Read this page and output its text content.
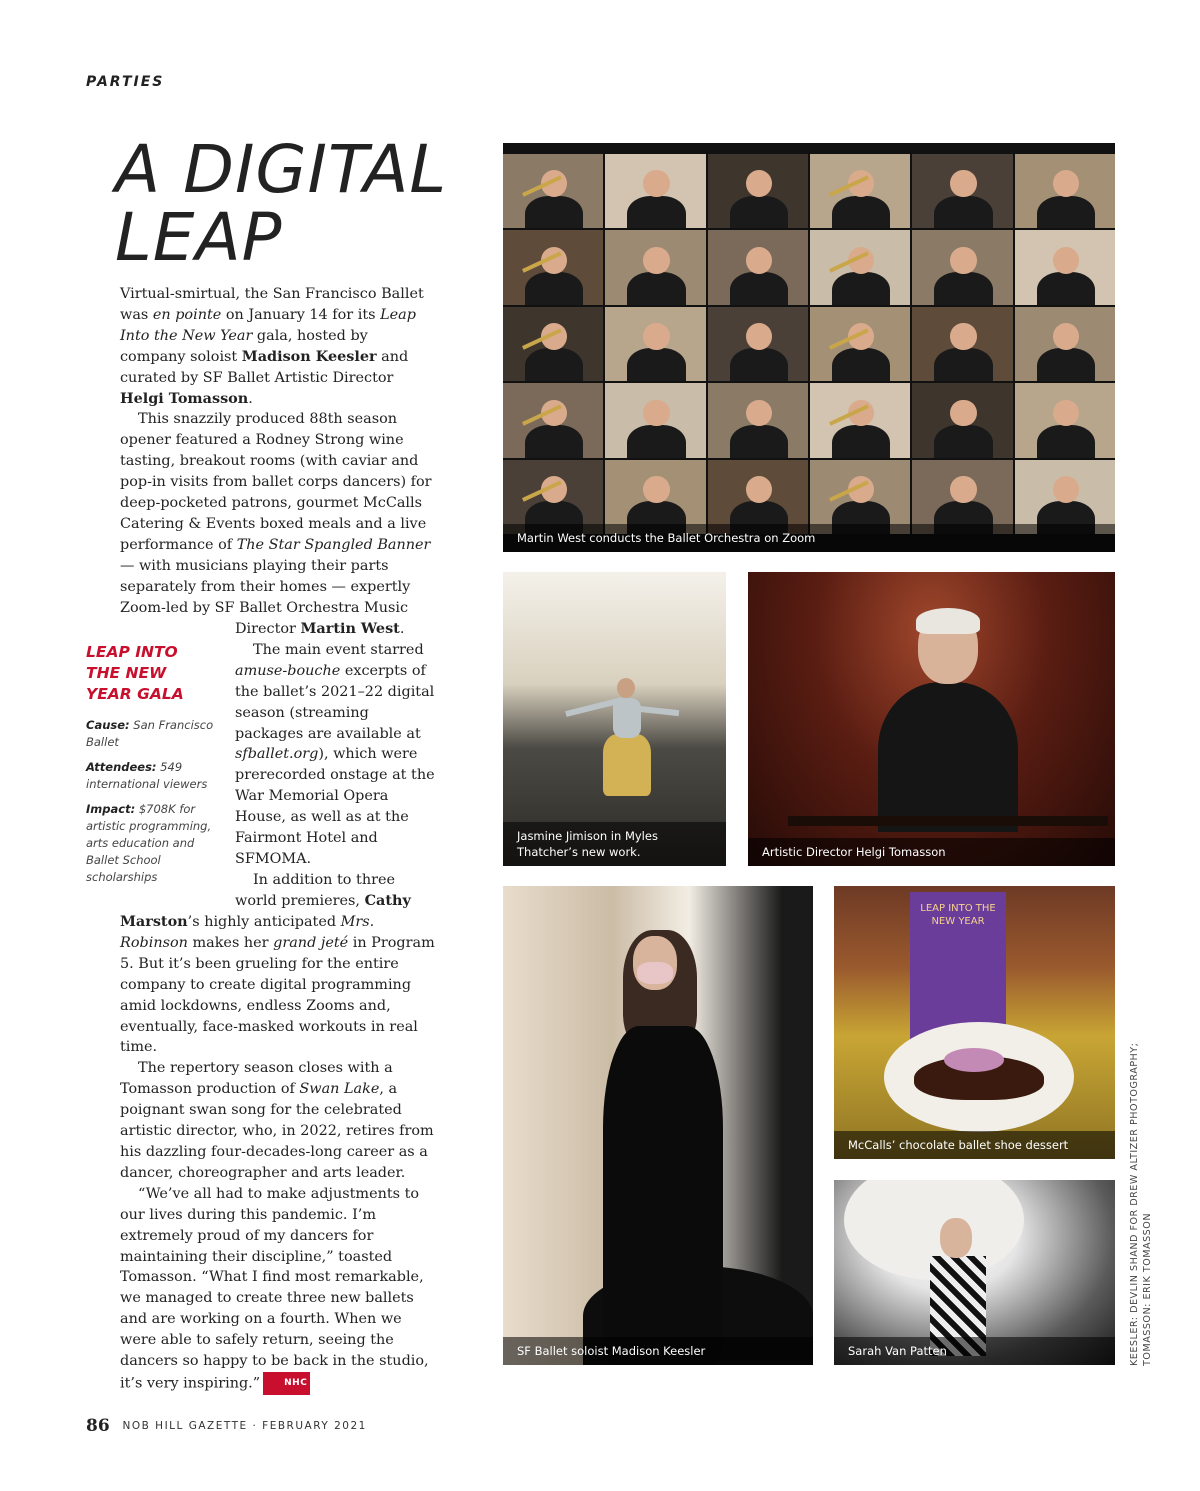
PARTIES
A DIGITAL
LEAP

Virtual-smirtual, the San Francisco Ballet was en pointe on January 14 for its Leap Into the New Year gala, hosted by company soloist Madison Keesler and curated by SF Ballet Artistic Director Helgi Tomasson.

This snazzily produced 88th season opener featured a Rodney Strong wine tasting, breakout rooms (with caviar and pop-in visits from ballet corps dancers) for deep-pocketed patrons, gourmet McCalls Catering & Events boxed meals and a live performance of The Star Spangled Banner — with musicians playing their parts separately from their homes — expertly Zoom-led by SF Ballet Orchestra Music

Director Martin West.

The main event starred amuse-bouche excerpts of the ballet’s 2021–22 digital season (streaming packages are available at sfballet.org), which were prerecorded onstage at the War Memorial Opera House, as well as at the Fairmont Hotel and SFMOMA.

In addition to three world premieres, Cathy

Marston’s highly anticipated Mrs. Robinson makes her grand jeté in Program 5. But it’s been grueling for the entire company to create digital programming amid lockdowns, endless Zooms and, eventually, face-masked workouts in real time.

The repertory season closes with a Tomasson production of Swan Lake, a poignant swan song for the celebrated artistic director, who, in 2022, retires from his dazzling four-decades-long career as a dancer, choreographer and arts leader.

“We’ve all had to make adjustments to our lives during this pandemic. I’m extremely proud of my dancers for maintaining their discipline,” toasted Tomasson. “What I find most remarkable, we managed to create three new ballets and are working on a fourth. When we were able to safely return, seeing the dancers so happy to be back in the studio, it’s very inspiring.”	NHC

LEAP INTO
THE NEW
YEAR GALA
Cause: San Francisco Ballet
Attendees: 549 international viewers
Impact: $708K for artistic programming, arts education and Ballet School scholarships
Martin West conducts the Ballet Orchestra on Zoom
Jasmine Jimison in Myles Thatcher’s new work.	Artistic Director Helgi Tomasson
SF Ballet soloist Madison Keesler
LEAP INTO THE NEW YEAR
McCalls’ chocolate ballet shoe dessert
Sarah Van Patten	KEESLER: DEVLIN SHAND FOR DREW ALTIZER PHOTOGRAPHY; TOMASSON: ERIK TOMASSON
86 NOB HILL GAZETTE · FEBRUARY 2021
